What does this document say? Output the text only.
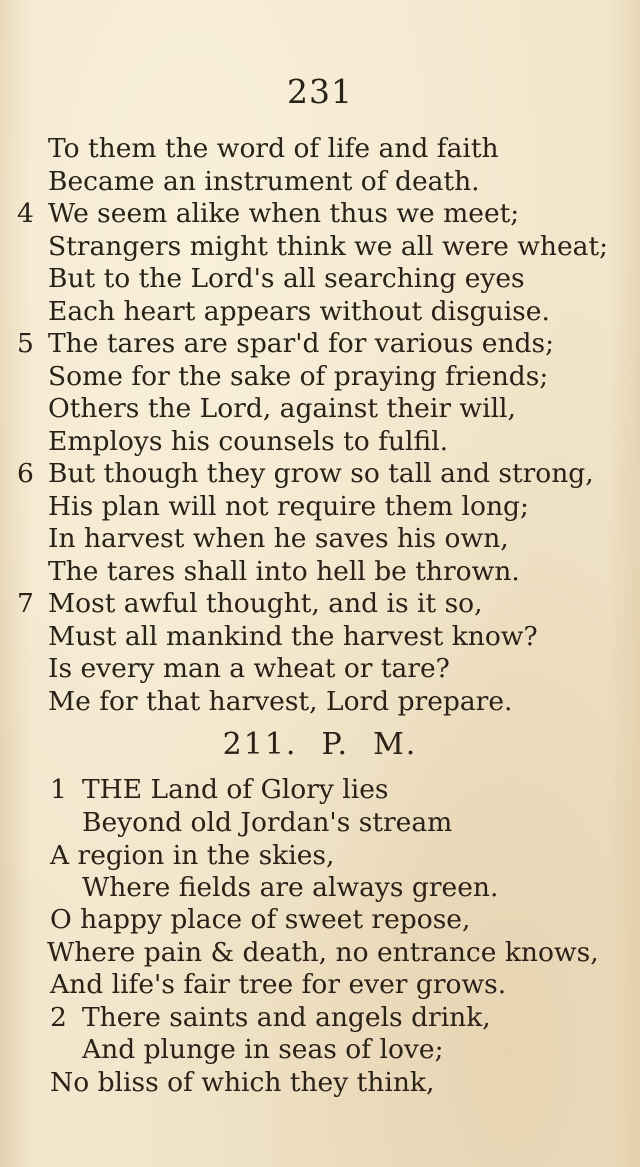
231
To them the word of life and faith
Became an instrument of death.
4 We seem alike when thus we meet;
Strangers might think we all were wheat;
But to the Lord's all searching eyes
Each heart appears without disguise.
5 The tares are spar'd for various ends;
Some for the sake of praying friends;
Others the Lord, against their will,
Employs his counsels to fulfil.
6 But though they grow so tall and strong,
His plan will not require them long;
In harvest when he saves his own,
The tares shall into hell be thrown.
7 Most awful thought, and is it so,
Must all mankind the harvest know?
Is every man a wheat or tare?
Me for that harvest, Lord prepare.
211. P. M.
1 THE Land of Glory lies
Beyond old Jordan's stream
A region in the skies,
Where fields are always green.
O happy place of sweet repose,
Where pain & death, no entrance knows,
And life's fair tree for ever grows.
2 There saints and angels drink,
And plunge in seas of love;
No bliss of which they think,
